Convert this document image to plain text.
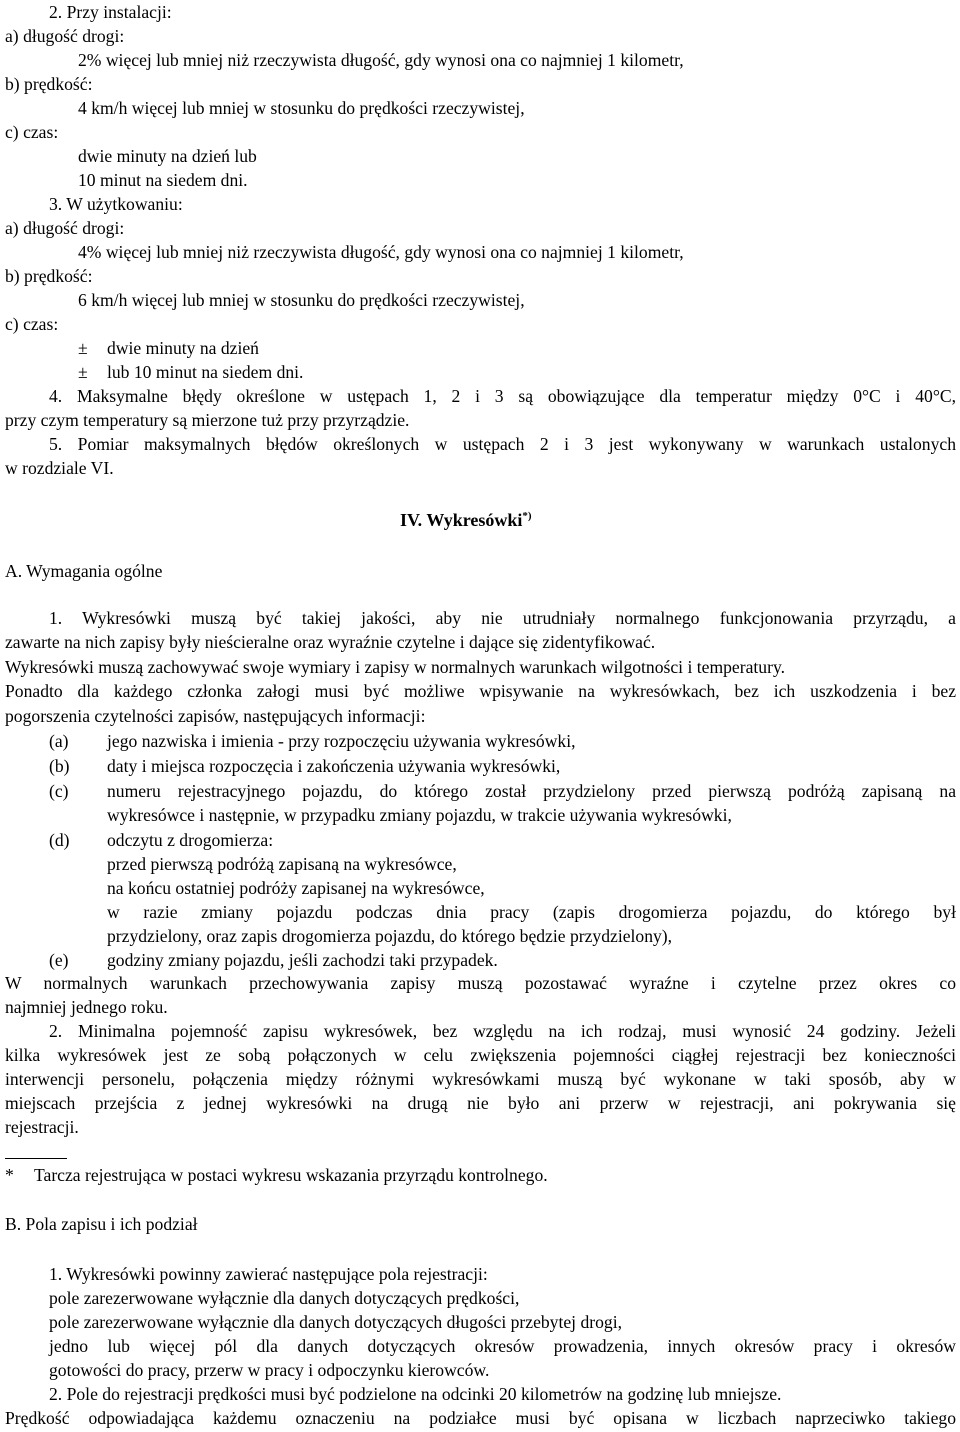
2. Przy instalacji:
a) długość drogi:
2% więcej lub mniej niż rzeczywista długość, gdy wynosi ona co najmniej 1 kilometr,
b) prędkość:
4 km/h więcej lub mniej w stosunku do prędkości rzeczywistej,
c) czas:
dwie minuty na dzień lub
10 minut na siedem dni.
3. W użytkowaniu:
a) długość drogi:
4% więcej lub mniej niż rzeczywista długość, gdy wynosi ona co najmniej 1 kilometr,
b) prędkość:
6 km/h więcej lub mniej w stosunku do prędkości rzeczywistej,
c) czas:
± dwie minuty na dzień
± lub 10 minut na siedem dni.
4. Maksymalne błędy określone w ustępach 1, 2 i 3 są obowiązujące dla temperatur między 0°C i 40°C,
przy czym temperatury są mierzone tuż przy przyrządzie.
5. Pomiar maksymalnych błędów określonych w ustępach 2 i 3 jest wykonywany w warunkach ustalonych
w rozdziale VI.
IV. Wykresówki*)
A. Wymagania ogólne
1. Wykresówki muszą być takiej jakości, aby nie utrudniały normalnego funkcjonowania przyrządu, a
zawarte na nich zapisy były nieścieralne oraz wyraźnie czytelne i dające się zidentyfikować.
Wykresówki muszą zachowywać swoje wymiary i zapisy w normalnych warunkach wilgotności i temperatury.
Ponadto dla każdego członka załogi musi być możliwe wpisywanie na wykresówkach, bez ich uszkodzenia i bez
pogorszenia czytelności zapisów, następujących informacji:
(a) jego nazwiska i imienia - przy rozpoczęciu używania wykresówki,
(b) daty i miejsca rozpoczęcia i zakończenia używania wykresówki,
(c) numeru rejestracyjnego pojazdu, do którego został przydzielony przed pierwszą podróżą zapisaną na
wykresówce i następnie, w przypadku zmiany pojazdu, w trakcie używania wykresówki,
(d) odczytu z drogomierza:
przed pierwszą podróżą zapisaną na wykresówce,
na końcu ostatniej podróży zapisanej na wykresówce,
w razie zmiany pojazdu podczas dnia pracy (zapis drogomierza pojazdu, do którego był
przydzielony, oraz zapis drogomierza pojazdu, do którego będzie przydzielony),
(e) godziny zmiany pojazdu, jeśli zachodzi taki przypadek.
W normalnych warunkach przechowywania zapisy muszą pozostawać wyraźne i czytelne przez okres co
najmniej jednego roku.
2. Minimalna pojemność zapisu wykresówek, bez względu na ich rodzaj, musi wynosić 24 godziny. Jeżeli
kilka wykresówek jest ze sobą połączonych w celu zwiększenia pojemności ciągłej rejestracji bez konieczności
interwencji personelu, połączenia między różnymi wykresówkami muszą być wykonane w taki sposób, aby w
miejscach przejścia z jednej wykresówki na drugą nie było ani przerw w rejestracji, ani pokrywania się
rejestracji.
* Tarcza rejestrująca w postaci wykresu wskazania przyrządu kontrolnego.
B. Pola zapisu i ich podział
1. Wykresówki powinny zawierać następujące pola rejestracji:
pole zarezerwowane wyłącznie dla danych dotyczących prędkości,
pole zarezerwowane wyłącznie dla danych dotyczących długości przebytej drogi,
jedno lub więcej pól dla danych dotyczących okresów prowadzenia, innych okresów pracy i okresów
gotowości do pracy, przerw w pracy i odpoczynku kierowców.
2. Pole do rejestracji prędkości musi być podzielone na odcinki 20 kilometrów na godzinę lub mniejsze.
Prędkość odpowiadająca każdemu oznaczeniu na podziałce musi być opisana w liczbach naprzeciwko takiego
